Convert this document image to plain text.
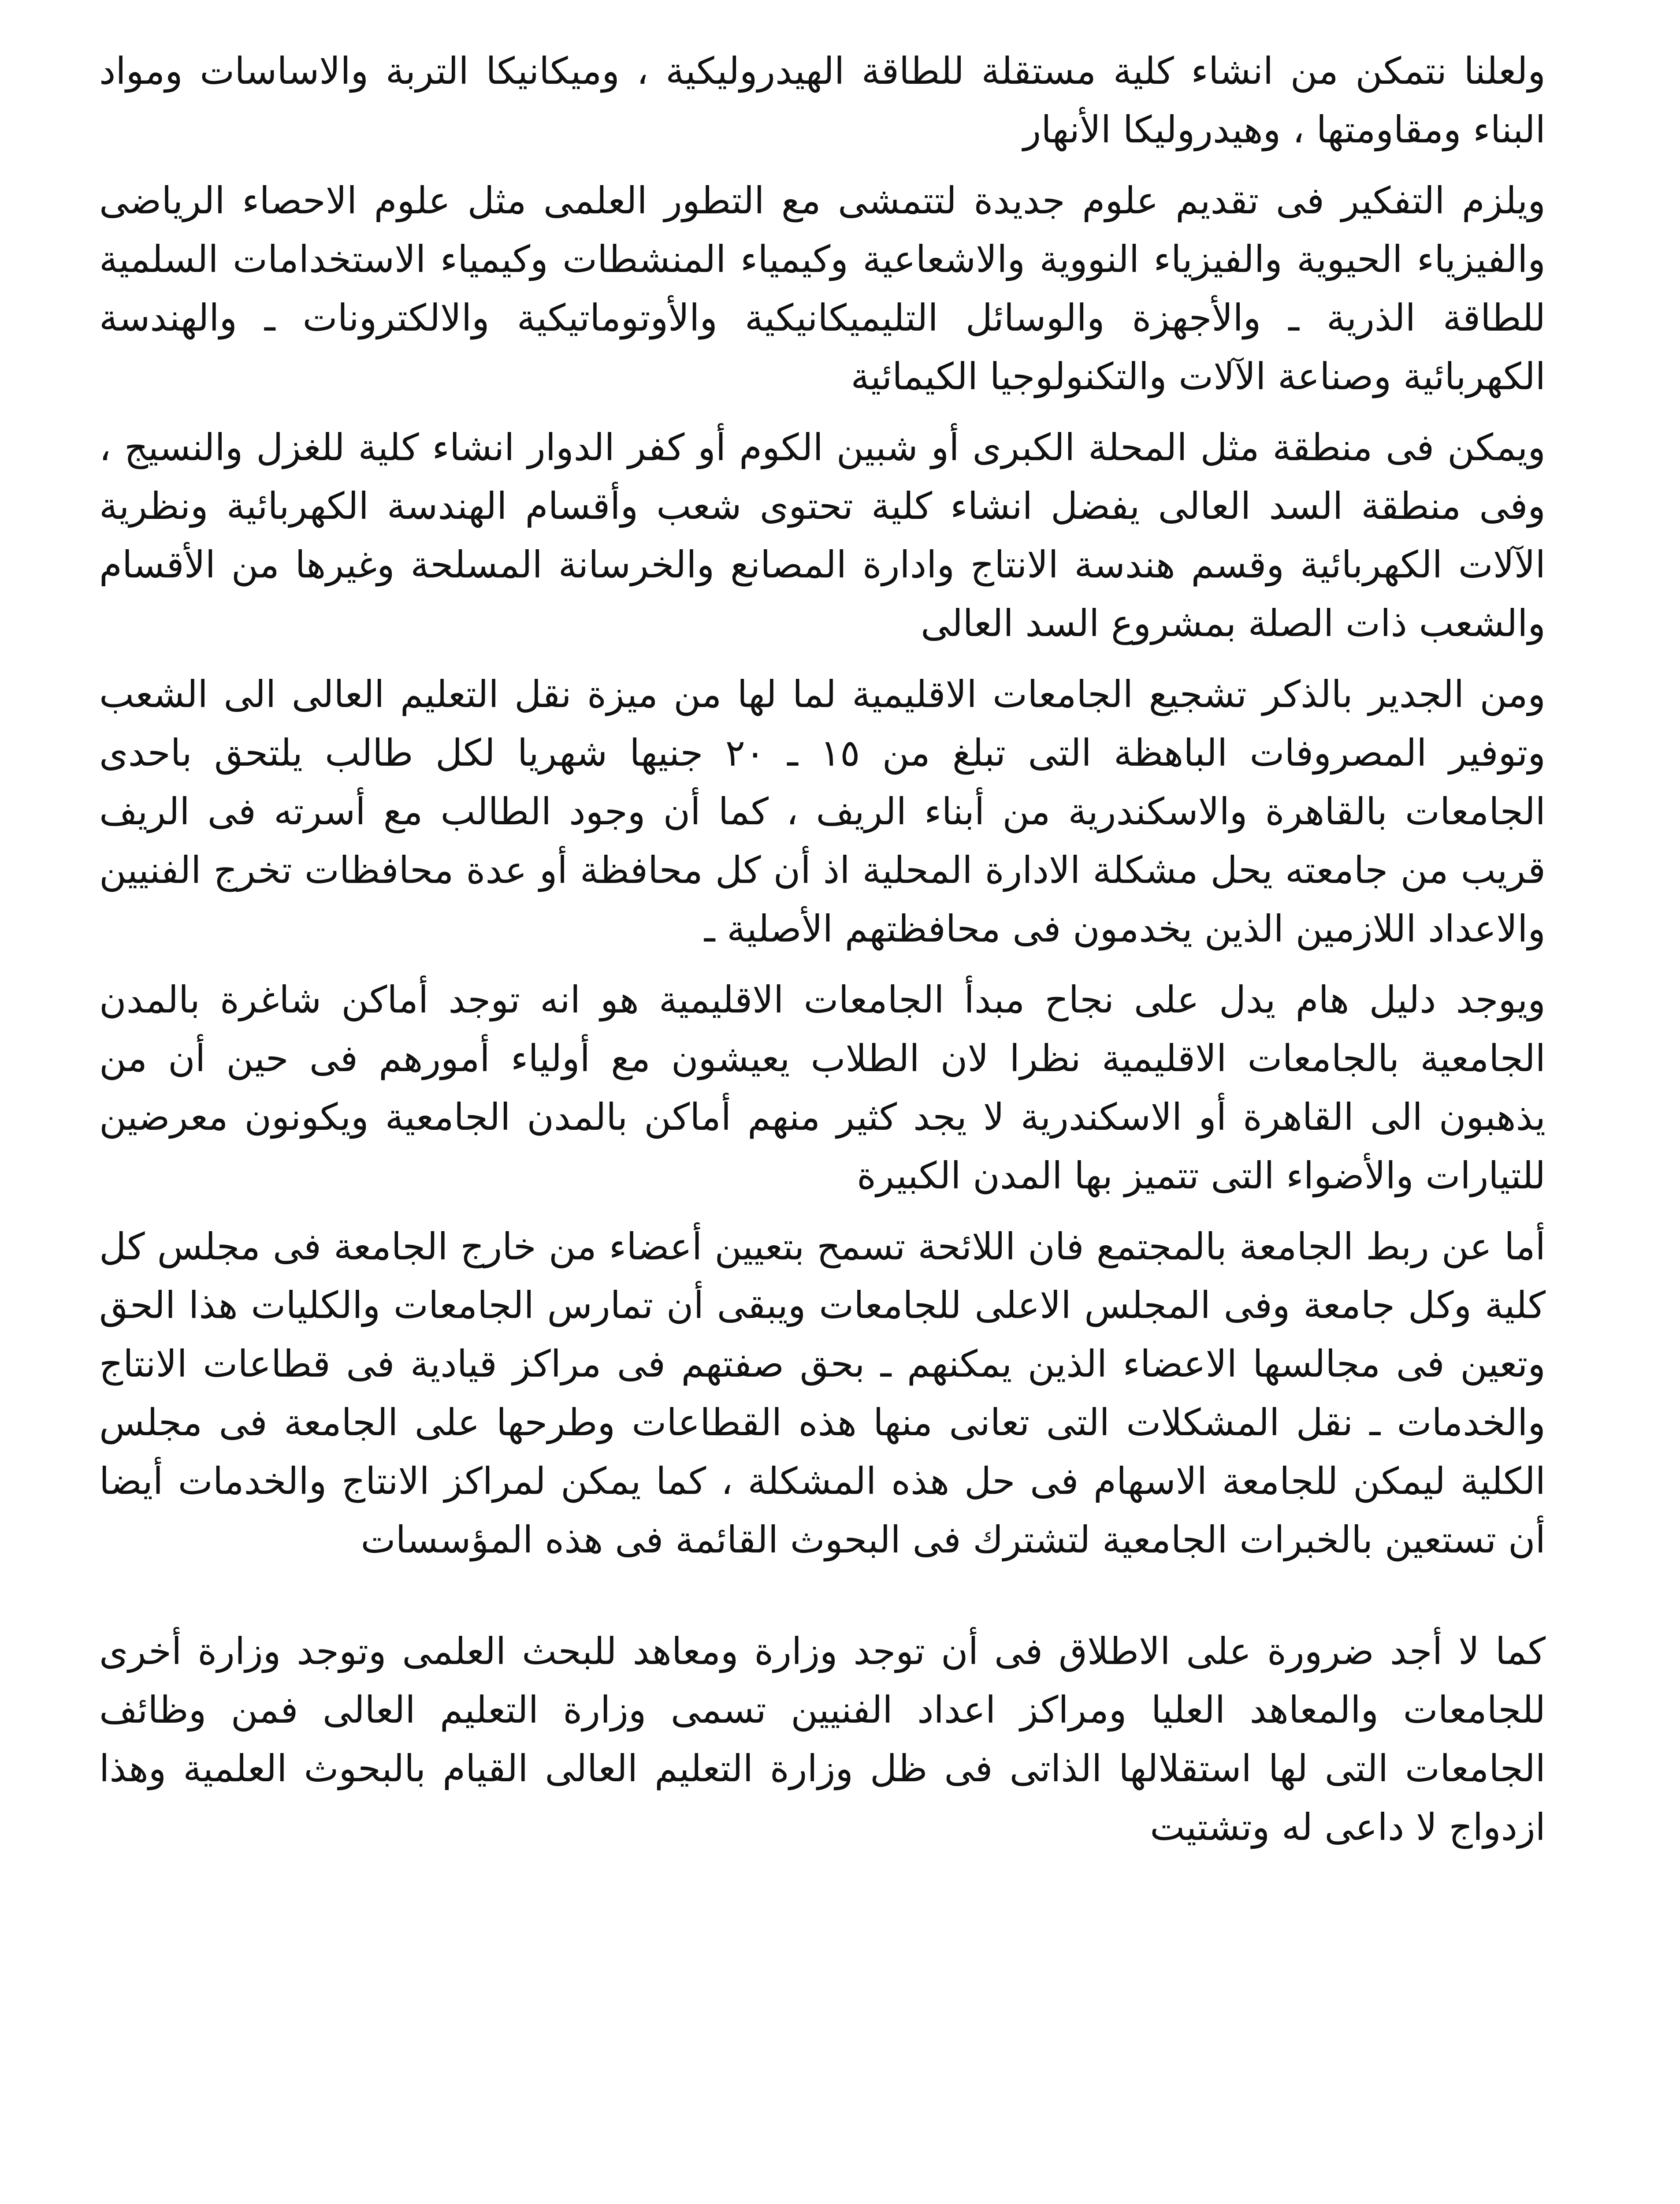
ولعلنا نتمكن من انشاء كلية مستقلة للطاقة الهيدروليكية ، وميكانيكا التربة والاساسات ومواد البناء ومقاومتها ، وهيدروليكا الأنهار

ويلزم التفكير فى تقديم علوم جديدة لتتمشى مع التطور العلمى مثل علوم الاحصاء الرياضى والفيزياء الحيوية والفيزياء النووية والاشعاعية وكيمياء المنشطات وكيمياء الاستخدامات السلمية للطاقة الذرية ـ والأجهزة والوسائل التليميكانيكية والأوتوماتيكية والالكترونات ـ والهندسة الكهربائية وصناعة الآلات والتكنولوجيا الكيمائية

ويمكن فى منطقة مثل المحلة الكبرى أو شبين الكوم أو كفر الدوار انشاء كلية للغزل والنسيج ، وفى منطقة السد العالى يفضل انشاء كلية تحتوى شعب وأقسام الهندسة الكهربائية ونظرية الآلات الكهربائية وقسم هندسة الانتاج وادارة المصانع والخرسانة المسلحة وغيرها من الأقسام والشعب ذات الصلة بمشروع السد العالى

ومن الجدير بالذكر تشجيع الجامعات الاقليمية لما لها من ميزة نقل التعليم العالى الى الشعب وتوفير المصروفات الباهظة التى تبلغ من ١٥ ـ ٢٠ جنيها شهريا لكل طالب يلتحق باحدى الجامعات بالقاهرة والاسكندرية من أبناء الريف ، كما أن وجود الطالب مع أسرته فى الريف قريب من جامعته يحل مشكلة الادارة المحلية اذ أن كل محافظة أو عدة محافظات تخرج الفنيين والاعداد اللازمين الذين يخدمون فى محافظتهم الأصلية ـ

ويوجد دليل هام يدل على نجاح مبدأ الجامعات الاقليمية هو انه توجد أماكن شاغرة بالمدن الجامعية بالجامعات الاقليمية نظرا لان الطلاب يعيشون مع أولياء أمورهم فى حين أن من يذهبون الى القاهرة أو الاسكندرية لا يجد كثير منهم أماكن بالمدن الجامعية ويكونون معرضين للتيارات والأضواء التى تتميز بها المدن الكبيرة

أما عن ربط الجامعة بالمجتمع فان اللائحة تسمح بتعيين أعضاء من خارج الجامعة فى مجلس كل كلية وكل جامعة وفى المجلس الاعلى للجامعات ويبقى أن تمارس الجامعات والكليات هذا الحق وتعين فى مجالسها الاعضاء الذين يمكنهم ـ بحق صفتهم فى مراكز قيادية فى قطاعات الانتاج والخدمات ـ نقل المشكلات التى تعانى منها هذه القطاعات وطرحها على الجامعة فى مجلس الكلية ليمكن للجامعة الاسهام فى حل هذه المشكلة ، كما يمكن لمراكز الانتاج والخدمات أيضا أن تستعين بالخبرات الجامعية لتشترك فى البحوث القائمة فى هذه المؤسسات

كما لا أجد ضرورة على الاطلاق فى أن توجد وزارة ومعاهد للبحث العلمى وتوجد وزارة أخرى للجامعات والمعاهد العليا ومراكز اعداد الفنيين تسمى وزارة التعليم العالى فمن وظائف الجامعات التى لها استقلالها الذاتى فى ظل وزارة التعليم العالى القيام بالبحوث العلمية وهذا ازدواج لا داعى له وتشتيت
